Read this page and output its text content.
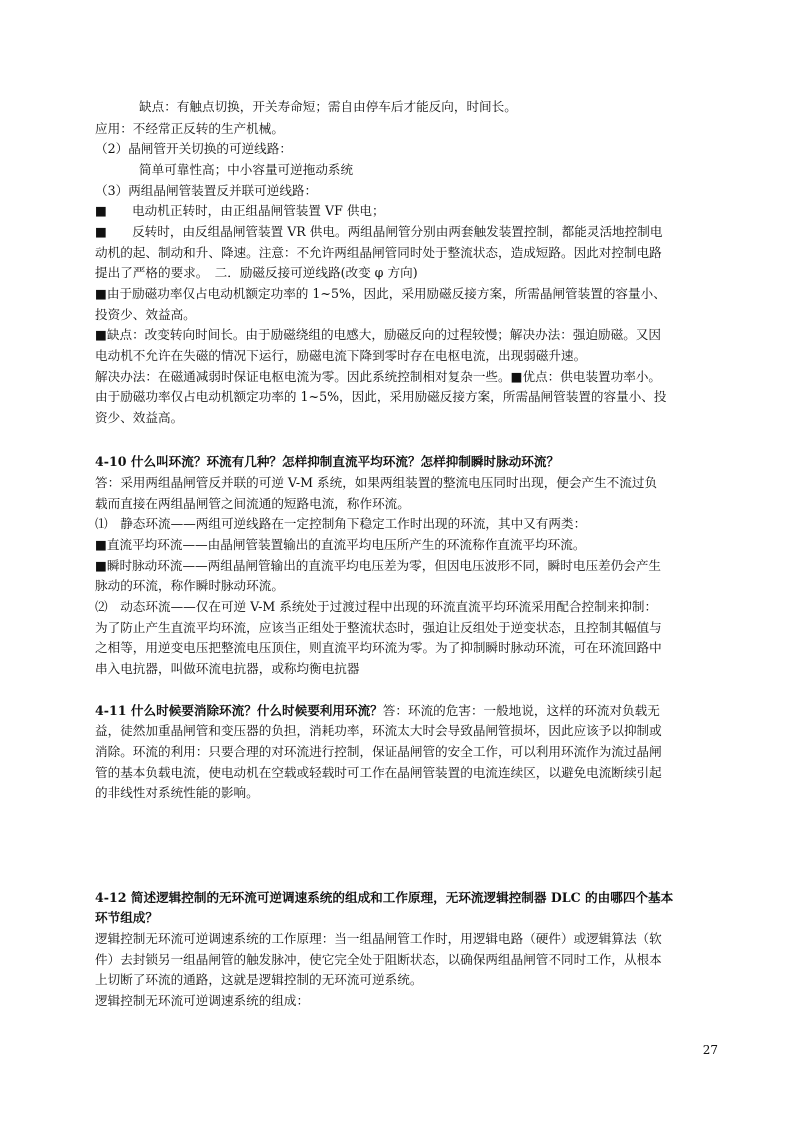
缺点：有触点切换，开关寿命短；需自由停车后才能反向，时间长。
应用：不经常正反转的生产机械。
（2）晶闸管开关切换的可逆线路：
简单可靠性高；中小容量可逆拖动系统
（3）两组晶闸管装置反并联可逆线路：
■　　电动机正转时，由正组晶闸管装置 VF 供电；
■　　反转时，由反组晶闸管装置 VR 供电。两组晶闸管分别由两套触发装置控制，都能灵活地控制电
动机的起、制动和升、降速。注意：不允许两组晶闸管同时处于整流状态，造成短路。因此对控制电路
提出了严格的要求。　二．励磁反接可逆线路(改变 φ 方向)
■由于励磁功率仅占电动机额定功率的 1~5%，因此，采用励磁反接方案，所需晶闸管装置的容量小、
投资少、效益高。
■缺点：改变转向时间长。由于励磁绕组的电感大，励磁反向的过程较慢；解决办法：强迫励磁。又因
电动机不允许在失磁的情况下运行，励磁电流下降到零时存在电枢电流，出现弱磁升速。
解决办法：在磁通减弱时保证电枢电流为零。因此系统控制相对复杂一些。■优点：供电装置功率小。
由于励磁功率仅占电动机额定功率的 1~5%，因此，采用励磁反接方案，所需晶闸管装置的容量小、投
资少、效益高。
4-10 什么叫环流？环流有几种？怎样抑制直流平均环流？怎样抑制瞬时脉动环流？
答：采用两组晶闸管反并联的可逆 V-M 系统，如果两组装置的整流电压同时出现，便会产生不流过负
载而直接在两组晶闸管之间流通的短路电流，称作环流。
⑴　静态环流——两组可逆线路在一定控制角下稳定工作时出现的环流，其中又有两类：
■直流平均环流——由晶闸管装置输出的直流平均电压所产生的环流称作直流平均环流。
■瞬时脉动环流——两组晶闸管输出的直流平均电压差为零，但因电压波形不同，瞬时电压差仍会产生
脉动的环流，称作瞬时脉动环流。
⑵　动态环流——仅在可逆 V-M 系统处于过渡过程中出现的环流直流平均环流采用配合控制来抑制：
为了防止产生直流平均环流，应该当正组处于整流状态时，强迫让反组处于逆变状态，且控制其幅值与
之相等，用逆变电压把整流电压顶住，则直流平均环流为零。为了抑制瞬时脉动环流，可在环流回路中
串入电抗器，叫做环流电抗器，或称均衡电抗器
4-11 什么时候要消除环流？什么时候要利用环流？答：环流的危害：一般地说，这样的环流对负载无
益，徒然加重晶闸管和变压器的负担，消耗功率，环流太大时会导致晶闸管损坏，因此应该予以抑制或
消除。环流的利用：只要合理的对环流进行控制，保证晶闸管的安全工作，可以利用环流作为流过晶闸
管的基本负载电流，使电动机在空载或轻载时可工作在晶闸管装置的电流连续区，以避免电流断续引起
的非线性对系统性能的影响。
4-12 简述逻辑控制的无环流可逆调速系统的组成和工作原理，无环流逻辑控制器 DLC 的由哪四个基本
环节组成？
逻辑控制无环流可逆调速系统的工作原理：当一组晶闸管工作时，用逻辑电路（硬件）或逻辑算法（软
件）去封锁另一组晶闸管的触发脉冲，使它完全处于阻断状态，以确保两组晶闸管不同时工作，从根本
上切断了环流的通路，这就是逻辑控制的无环流可逆系统。
逻辑控制无环流可逆调速系统的组成：
27
